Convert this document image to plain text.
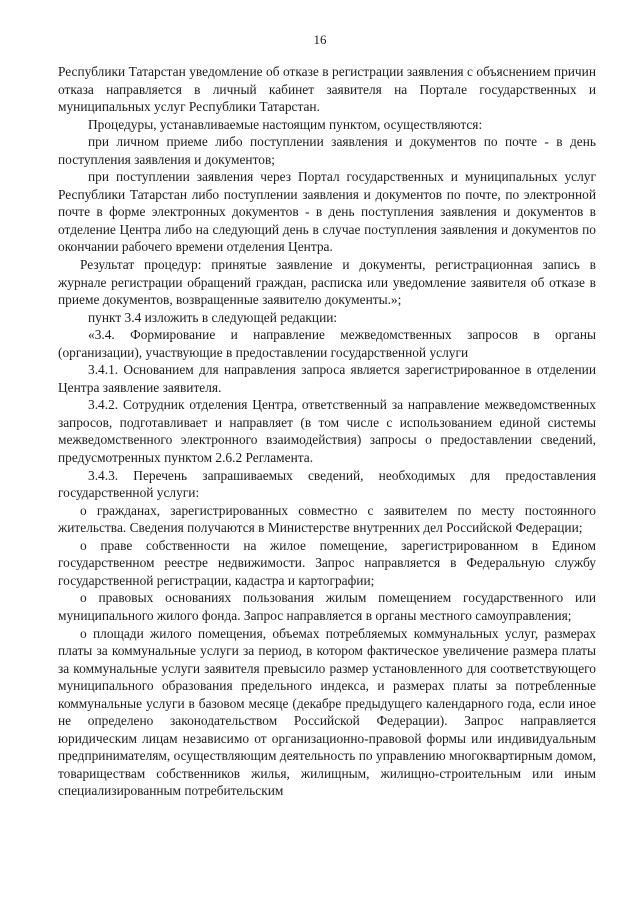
16

Республики Татарстан уведомление об отказе в регистрации заявления с объяснением причин отказа направляется в личный кабинет заявителя на Портале государственных и муниципальных услуг Республики Татарстан.

Процедуры, устанавливаемые настоящим пунктом, осуществляются:

при личном приеме либо поступлении заявления и документов по почте - в день поступления заявления и документов;

при поступлении заявления через Портал государственных и муниципальных услуг Республики Татарстан либо поступлении заявления и документов по почте, по электронной почте в форме электронных документов - в день поступления заявления и документов в отделение Центра либо на следующий день в случае поступления заявления и документов по окончании рабочего времени отделения Центра.

Результат процедур: принятые заявление и документы, регистрационная запись в журнале регистрации обращений граждан, расписка или уведомление заявителя об отказе в приеме документов, возвращенные заявителю документы.»;

пункт 3.4 изложить в следующей редакции:

«3.4. Формирование и направление межведомственных запросов в органы (организации), участвующие в предоставлении государственной услуги

3.4.1. Основанием для направления запроса является зарегистрированное в отделении Центра заявление заявителя.

3.4.2. Сотрудник отделения Центра, ответственный за направление межведомственных запросов, подготавливает и направляет (в том числе с использованием единой системы межведомственного электронного взаимодействия) запросы о предоставлении сведений, предусмотренных пунктом 2.6.2 Регламента.

3.4.3. Перечень запрашиваемых сведений, необходимых для предоставления государственной услуги:

о гражданах, зарегистрированных совместно с заявителем по месту постоянного жительства. Сведения получаются в Министерстве внутренних дел Российской Федерации;

о праве собственности на жилое помещение, зарегистрированном в Едином государственном реестре недвижимости. Запрос направляется в Федеральную службу государственной регистрации, кадастра и картографии;

о правовых основаниях пользования жилым помещением государственного или муниципального жилого фонда. Запрос направляется в органы местного самоуправления;

о площади жилого помещения, объемах потребляемых коммунальных услуг, размерах платы за коммунальные услуги за период, в котором фактическое увеличение размера платы за коммунальные услуги заявителя превысило размер установленного для соответствующего муниципального образования предельного индекса, и размерах платы за потребленные коммунальные услуги в базовом месяце (декабре предыдущего календарного года, если иное не определено законодательством Российской Федерации). Запрос направляется юридическим лицам независимо от организационно-правовой формы или индивидуальным предпринимателям, осуществляющим деятельность по управлению многоквартирным домом, товариществам собственников жилья, жилищным, жилищно-строительным или иным специализированным потребительским
